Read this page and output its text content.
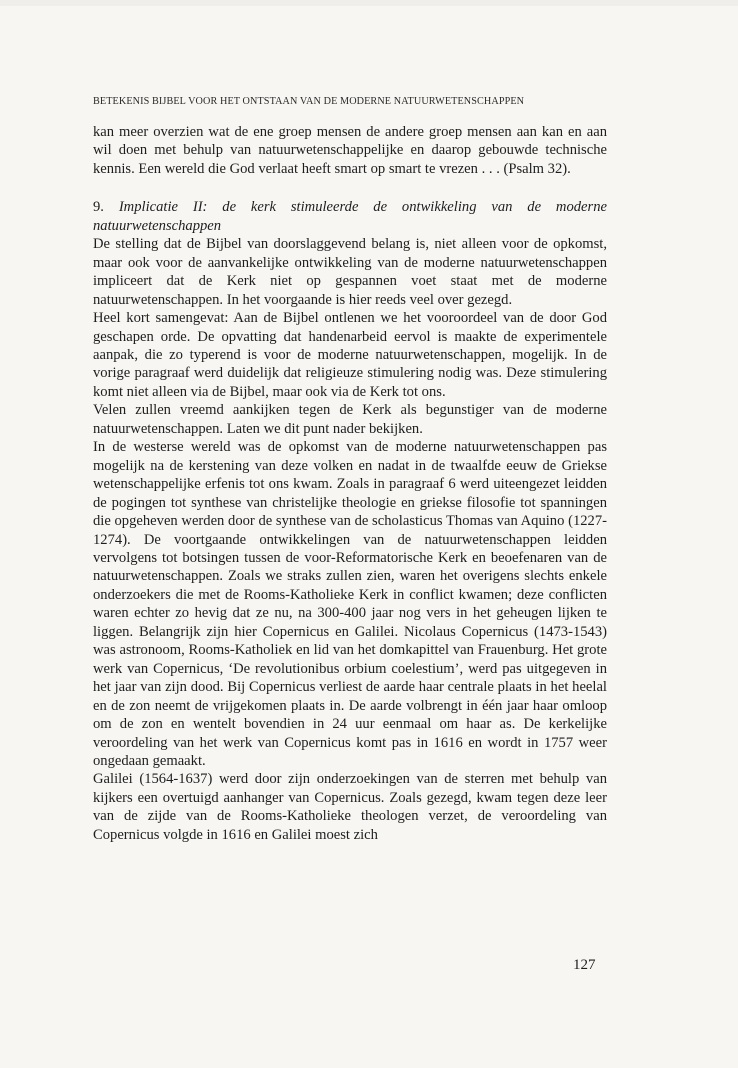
BETEKENIS BIJBEL VOOR HET ONTSTAAN VAN DE MODERNE NATUURWETENSCHAPPEN

kan meer overzien wat de ene groep mensen de andere groep mensen aan kan en aan wil doen met behulp van natuurwetenschappelijke en daarop gebouwde technische kennis. Een wereld die God verlaat heeft smart op smart te vrezen . . . (Psalm 32).

9. Implicatie II: de kerk stimuleerde de ontwikkeling van de moderne natuurwetenschappen

De stelling dat de Bijbel van doorslaggevend belang is, niet alleen voor de opkomst, maar ook voor de aanvankelijke ontwikkeling van de moderne natuurwetenschappen impliceert dat de Kerk niet op gespannen voet staat met de moderne natuurwetenschappen. In het voorgaande is hier reeds veel over gezegd.

Heel kort samengevat: Aan de Bijbel ontlenen we het vooroordeel van de door God geschapen orde. De opvatting dat handenarbeid eervol is maakte de experimentele aanpak, die zo typerend is voor de moderne natuurwetenschappen, mogelijk. In de vorige paragraaf werd duidelijk dat religieuze stimulering nodig was. Deze stimulering komt niet alleen via de Bijbel, maar ook via de Kerk tot ons.

Velen zullen vreemd aankijken tegen de Kerk als begunstiger van de moderne natuurwetenschappen. Laten we dit punt nader bekijken.

In de westerse wereld was de opkomst van de moderne natuurwetenschappen pas mogelijk na de kerstening van deze volken en nadat in de twaalfde eeuw de Griekse wetenschappelijke erfenis tot ons kwam. Zoals in paragraaf 6 werd uiteengezet leidden de pogingen tot synthese van christelijke theologie en griekse filosofie tot spanningen die opgeheven werden door de synthese van de scholasticus Thomas van Aquino (1227-1274). De voortgaande ontwikkelingen van de natuurwetenschappen leidden vervolgens tot botsingen tussen de voor-Reformatorische Kerk en beoefenaren van de natuurwetenschappen. Zoals we straks zullen zien, waren het overigens slechts enkele onderzoekers die met de Rooms-Katholieke Kerk in conflict kwamen; deze conflicten waren echter zo hevig dat ze nu, na 300-400 jaar nog vers in het geheugen lijken te liggen. Belangrijk zijn hier Copernicus en Galilei. Nicolaus Copernicus (1473-1543) was astronoom, Rooms-Katholiek en lid van het domkapittel van Frauenburg. Het grote werk van Copernicus, ‘De revolutionibus orbium coelestium’, werd pas uitgegeven in het jaar van zijn dood. Bij Copernicus verliest de aarde haar centrale plaats in het heelal en de zon neemt de vrijgekomen plaats in. De aarde volbrengt in één jaar haar omloop om de zon en wentelt bovendien in 24 uur eenmaal om haar as. De kerkelijke veroordeling van het werk van Copernicus komt pas in 1616 en wordt in 1757 weer ongedaan gemaakt.

Galilei (1564-1637) werd door zijn onderzoekingen van de sterren met behulp van kijkers een overtuigd aanhanger van Copernicus. Zoals gezegd, kwam tegen deze leer van de zijde van de Rooms-Katholieke theologen verzet, de veroordeling van Copernicus volgde in 1616 en Galilei moest zich

127
